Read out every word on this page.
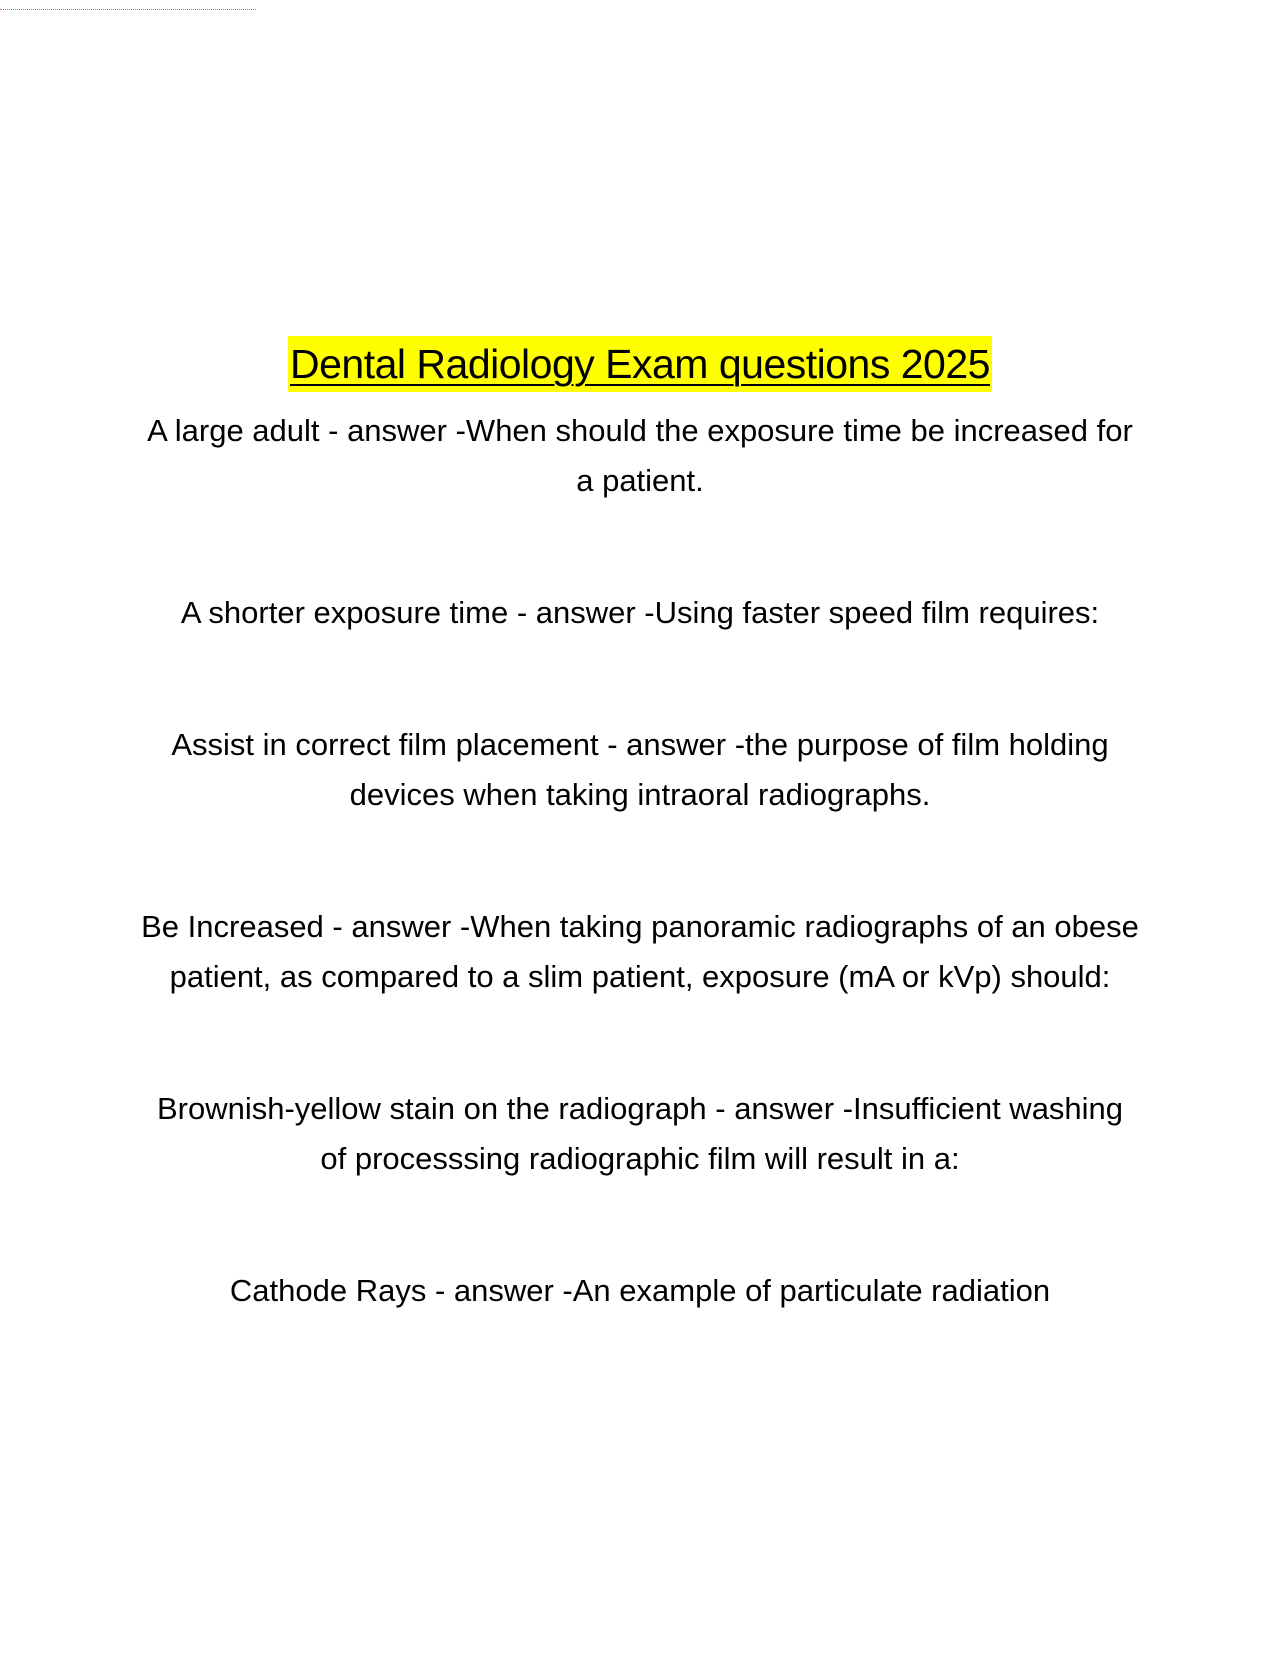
Dental Radiology Exam questions 2025

A large adult - answer -When should the exposure time be increased for a patient.

A shorter exposure time - answer -Using faster speed film requires:

Assist in correct film placement - answer -the purpose of film holding devices when taking intraoral radiographs.

Be Increased - answer -When taking panoramic radiographs of an obese patient, as compared to a slim patient, exposure (mA or kVp) should:

Brownish-yellow stain on the radiograph - answer -Insufficient washing of processsing radiographic film will result in a:

Cathode Rays - answer -An example of particulate radiation
